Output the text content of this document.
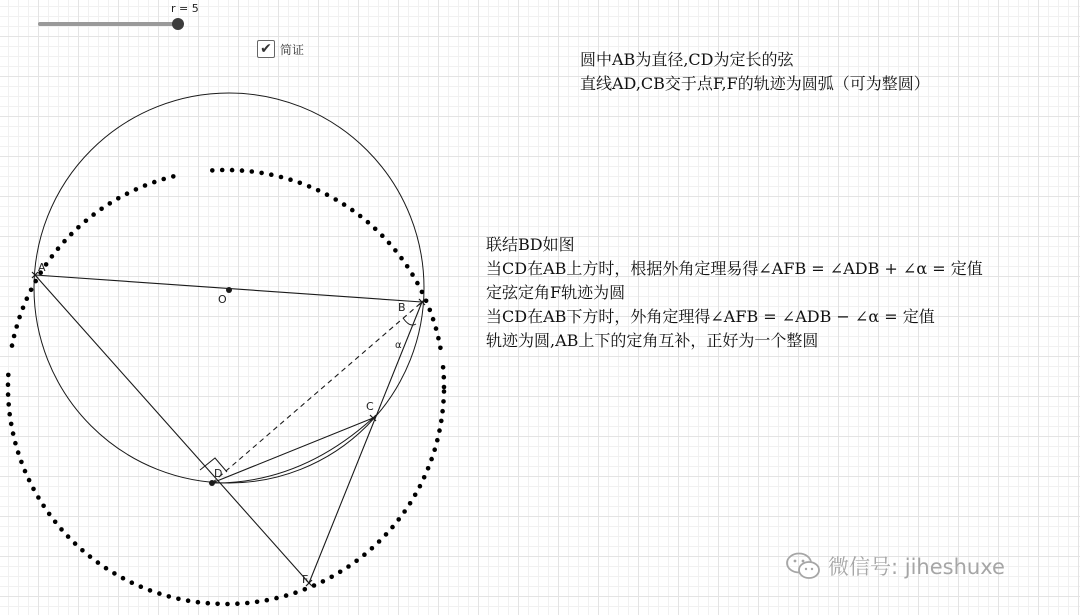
A
B
C
D
F
O
α
r = 5
✔ 简证
圆中AB为直径,CD为定长的弦
直线AD,CB交于点F,F的轨迹为圆弧（可为整圆）
联结BD如图
当CD在AB上方时，根据外角定理易得∠AFB = ∠ADB + ∠α = 定值
定弦定角F轨迹为圆
当CD在AB下方时，外角定理得∠AFB = ∠ADB − ∠α = 定值
轨迹为圆,AB上下的定角互补，正好为一个整圆
微信号: jiheshuxe
